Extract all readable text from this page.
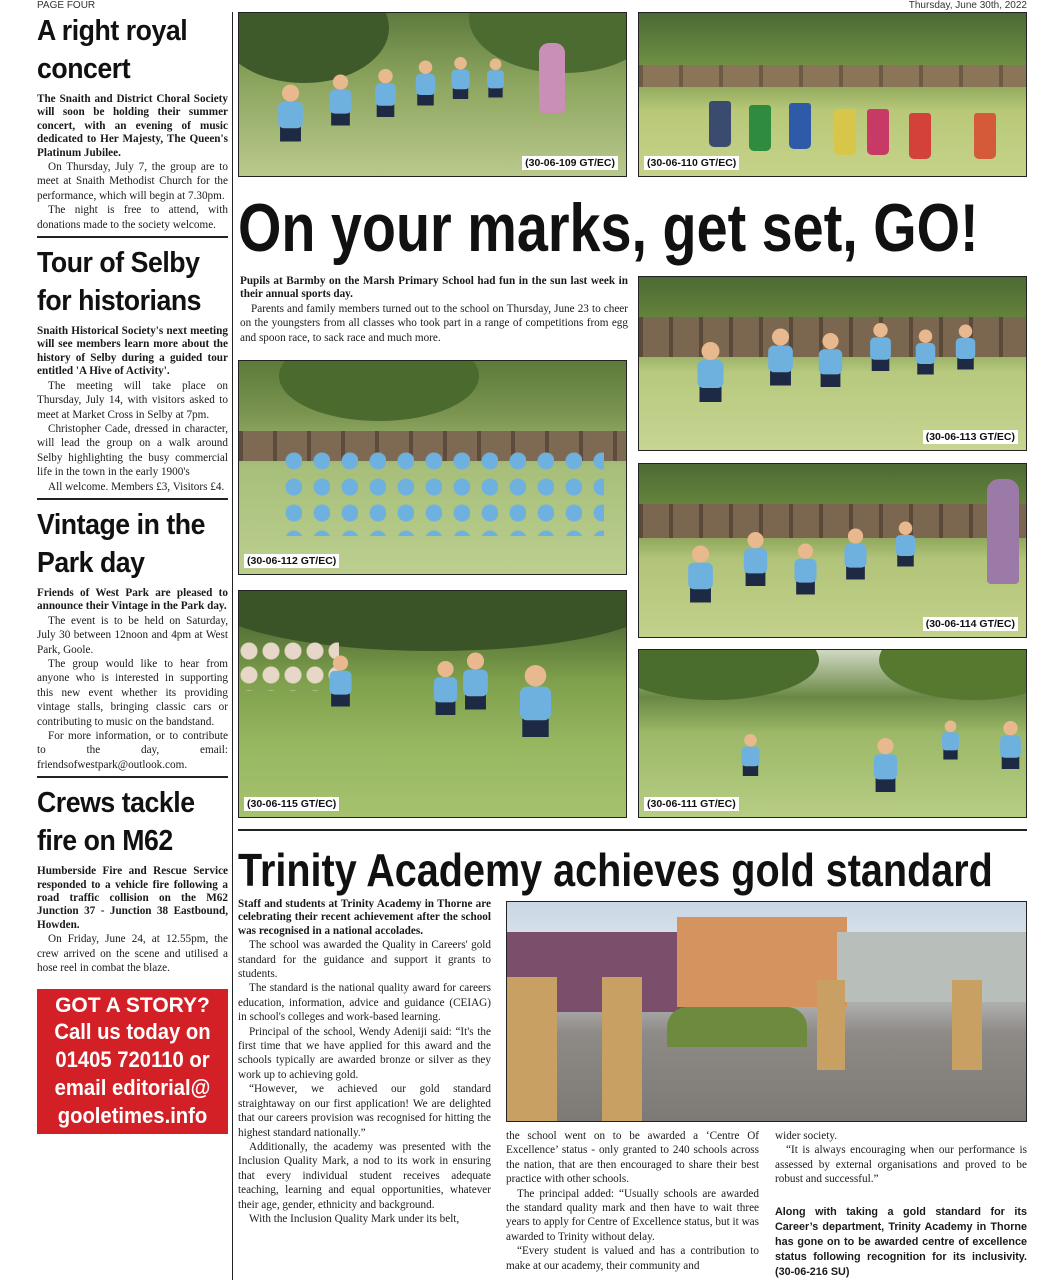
PAGE FOUR	Thursday, June 30th, 2022
A right royal
concert

The Snaith and District Choral Society will soon be holding their summer concert, with an evening of music dedicated to Her Majesty, The Queen's Platinum Jubilee.

On Thursday, July 7, the group are to meet at Snaith Methodist Church for the performance, which will begin at 7.30pm.

The night is free to attend, with donations made to the society welcome.

Tour of Selby
for historians

Snaith Historical Society's next meeting will see members learn more about the history of Selby during a guided tour entitled 'A Hive of Activity'.

The meeting will take place on Thursday, July 14, with visitors asked to meet at Market Cross in Selby at 7pm.

Christopher Cade, dressed in character, will lead the group on a walk around Selby highlighting the busy commercial life in the town in the early 1900's

All welcome. Members £3, Visitors £4.

Vintage in the
Park day

Friends of West Park are pleased to announce their Vintage in the Park day.

The event is to be held on Saturday, July 30 between 12noon and 4pm at West Park, Goole.

The group would like to hear from anyone who is interested in supporting this new event whether its providing vintage stalls, bringing classic cars or contributing to music on the bandstand.

For more information, or to contribute to the day, email: friendsofwestpark@outlook.com.

Crews tackle
fire on M62

Humberside Fire and Rescue Service responded to a vehicle fire following a road traffic collision on the M62 Junction 37 - Junction 38 Eastbound, Howden.

On Friday, June 24, at 12.55pm, the crew arrived on the scene and utilised a hose reel in combat the blaze.

GOT A STORY?
Call us today on
01405 720110 or
email editorial@
gooletimes.info
(30-06-109 GT/EC)	(30-06-110 GT/EC)
On your marks, get set, GO!

Pupils at Barmby on the Marsh Primary School had fun in the sun last week in their annual sports day.

Parents and family members turned out to the school on Thursday, June 23 to cheer on the youngsters from all classes who took part in a range of competitions from egg and spoon race, to sack race and much more.

(30-06-113 GT/EC)
(30-06-112 GT/EC)
(30-06-114 GT/EC)
(30-06-115 GT/EC)	(30-06-111 GT/EC)
Trinity Academy achieves gold standard

Staff and students at Trinity Academy in Thorne are celebrating their recent achievement after the school was recognised in a national accolades.

The school was awarded the Quality in Careers' gold standard for the guidance and support it grants to students.

The standard is the national quality award for careers education, information, advice and guidance (CEIAG) in school's colleges and work-based learning.

Principal of the school, Wendy Adeniji said: “It's the first time that we have applied for this award and the schools typically are awarded bronze or silver as they work up to achieving gold.

“However, we achieved our gold standard straightaway on our first application! We are delighted that our careers provision was recognised for hitting the highest standard nationally.”

Additionally, the academy was presented with the Inclusion Quality Mark, a nod to its work in ensuring that every individual student receives adequate teaching, learning and equal opportunities, whatever their age, gender, ethnicity and background.

With the Inclusion Quality Mark under its belt,

the school went on to be awarded a ‘Centre Of Excellence’ status - only granted to 240 schools across the nation, that are then encouraged to share their best practice with other schools.

The principal added: “Usually schools are awarded the standard quality mark and then have to wait three years to apply for Centre of Excellence status, but it was awarded to Trinity without delay.

“Every student is valued and has a contribution to make at our academy, their community and

wider society.

“It is always encouraging when our performance is assessed by external organisations and proved to be robust and successful.”

Along with taking a gold standard for its Career’s department, Trinity Academy in Thorne has gone on to be awarded centre of excellence status following recognition for its inclusivity. (30-06-216 SU)
